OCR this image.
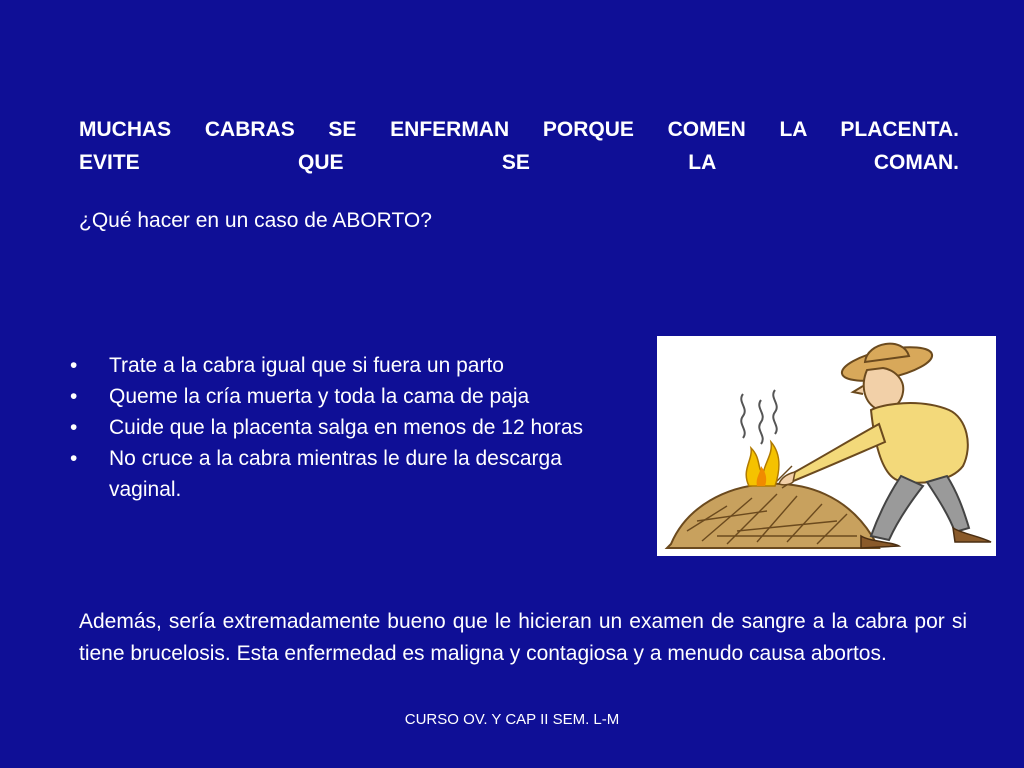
MUCHAS CABRAS SE ENFERMAN PORQUE COMEN LA PLACENTA.
EVITE QUE SE LA COMAN.
¿Qué hacer en un caso de ABORTO?
• Trate a la cabra igual que si fuera un parto
• Queme la cría muerta y toda la cama de paja
• Cuide que la placenta salga en menos de 12 horas
• No cruce a la cabra mientras le dure la descarga vaginal.
Además, sería extremadamente bueno que le hicieran un examen de sangre a la cabra por si tiene brucelosis. Esta enfermedad es maligna y contagiosa y a menudo causa abortos.
CURSO OV. Y CAP II SEM. L-M
